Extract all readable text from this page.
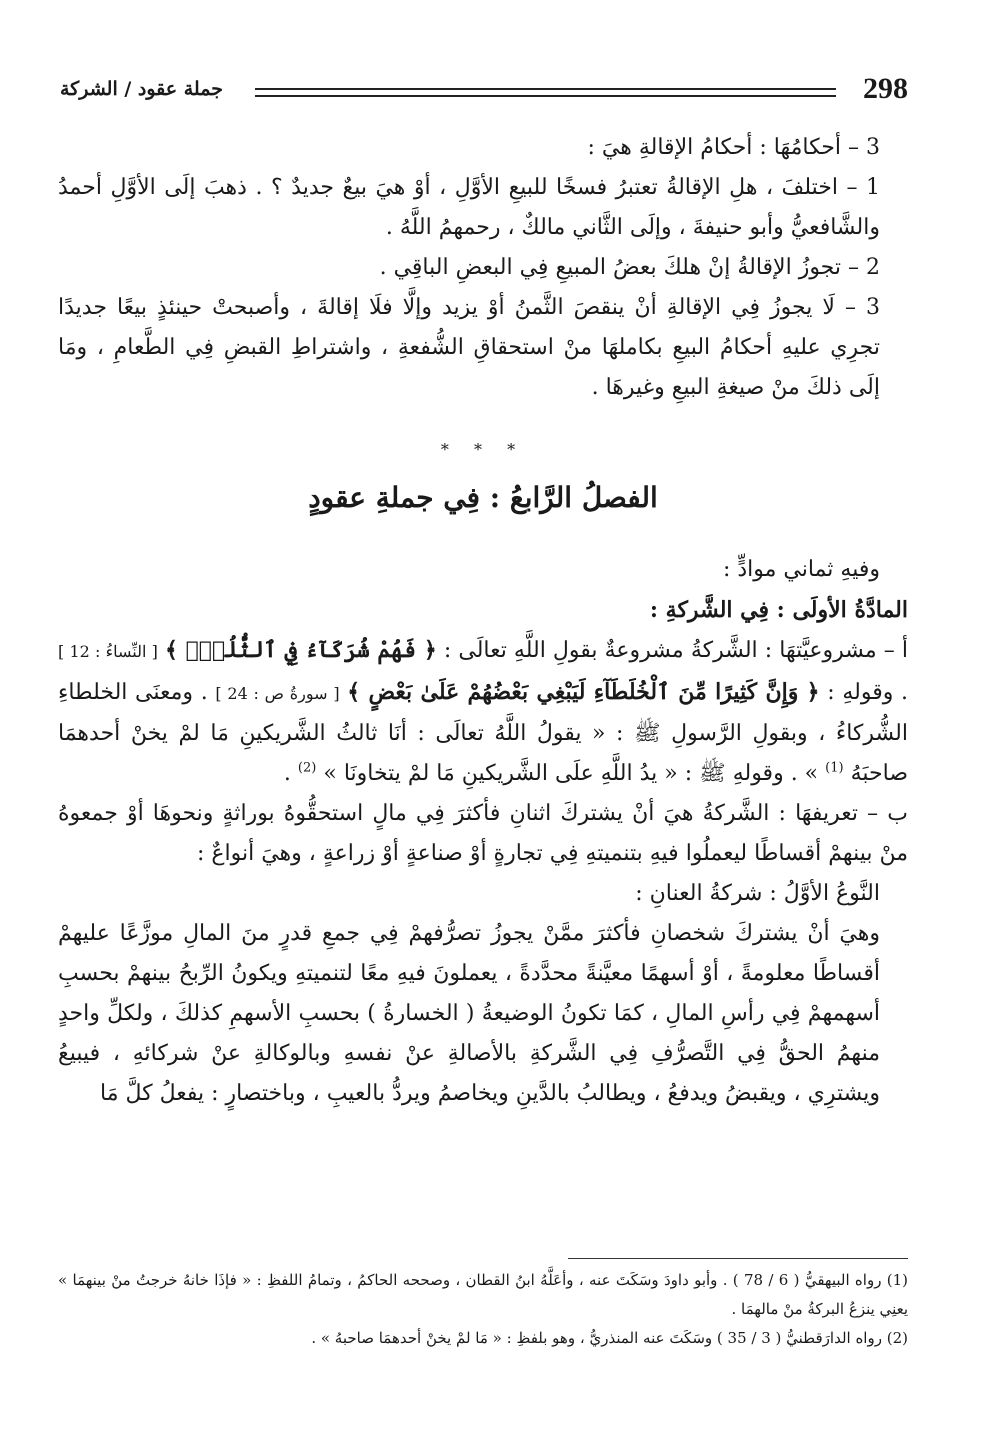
298
جملة عقود / الشركة

3 – أحكامُهَا : أحكامُ الإقالةِ هيَ :

1 – اختلفَ ، هلِ الإقالةُ تعتبرُ فسخًا للبيعِ الأوَّلِ ، أوْ هيَ بيعٌ جديدٌ ؟ . ذهبَ إلَى الأوَّلِ أحمدُ والشَّافعيُّ وأبو حنيفةَ ، وإلَى الثَّاني مالكٌ ، رحمهمُ اللَّهُ .

2 – تجوزُ الإقالةُ إنْ هلكَ بعضُ المبيعِ فِي البعضِ الباقِي .

3 – لَا يجوزُ فِي الإقالةِ أنْ ينقصَ الثَّمنُ أوْ يزيد وإلَّا فلَا إقالةَ ، وأصبحتْ حينئذٍ بيعًا جديدًا تجرِي عليهِ أحكامُ البيعِ بكاملهَا منْ استحقاقِ الشُّفعةِ ، واشتراطِ القبضِ فِي الطَّعامِ ، ومَا إلَى ذلكَ منْ صيغةِ البيعِ وغيرهَا .

* * *
الفصلُ الرَّابعُ : فِي جملةِ عقودٍ

وفيهِ ثماني موادٍّ :

المادَّةُ الأولَى : فِي الشَّركةِ :

أ – مشروعيَّتهَا : الشَّركةُ مشروعةٌ بقولِ اللَّهِ تعالَى : ﴿ فَهُمْ شُرَكَآءُ فِي ٱلثُّلُثِۚ ﴾ [ النِّساءُ : 12 ] . وقولهِ : ﴿ وَإِنَّ كَثِيرًا مِّنَ ٱلْخُلَطَآءِ لَيَبْغِي بَعْضُهُمْ عَلَىٰ بَعْضٍ ﴾ [ سورةُ ص : 24 ] . ومعنَى الخلطاءِ الشُّركاءُ ، وبقولِ الرَّسولِ ﷺ : « يقولُ اللَّهُ تعالَى : أنَا ثالثُ الشَّريكينِ مَا لمْ يخنْ أحدهمَا صاحبَهُ $^{(1)}$ » . وقولهِ ﷺ : « يدُ اللَّهِ علَى الشَّريكينِ مَا لمْ يتخاونَا » $^{(2)}$ .

ب – تعريفهَا : الشَّركةُ هيَ أنْ يشتركَ اثنانِ فأكثرَ فِي مالٍ استحقُّوهُ بوراثةٍ ونحوهَا أوْ جمعوهُ منْ بينهمْ أقساطًا ليعملُوا فيهِ بتنميتهِ فِي تجارةٍ أوْ صناعةٍ أوْ زراعةٍ ، وهيَ أنواعٌ :

النَّوعُ الأوَّلُ : شركةُ العنانِ :

وهيَ أنْ يشتركَ شخصانِ فأكثرَ ممَّنْ يجوزُ تصرُّفهمْ فِي جمعِ قدرٍ منَ المالِ موزَّعًا عليهمْ أقساطًا معلومةً ، أوْ أسهمًا معيَّنةً محدَّدةً ، يعملونَ فيهِ معًا لتنميتهِ ويكونُ الرِّبحُ بينهمْ بحسبِ أسهمهمْ فِي رأسِ المالِ ، كمَا تكونُ الوضيعةُ ( الخسارةُ ) بحسبِ الأسهمِ كذلكَ ، ولكلِّ واحدٍ منهمُ الحقُّ فِي التَّصرُّفِ فِي الشَّركةِ بالأصالةِ عنْ نفسهِ وبالوكالةِ عنْ شركائهِ ، فيبيعُ ويشترِي ، ويقبضُ ويدفعُ ، ويطالبُ بالدَّينِ ويخاصمُ ويردُّ بالعيبِ ، وباختصارٍ : يفعلُ كلَّ مَا

(1) رواه البيهقيُّ ( 6 / 78 ) . وأبو داودَ وسَكَتَ عنه ، وأعَلَّهُ ابنُ القطان ، وصححه الحاكمُ ، وتمامُ اللفظِ : « فإذَا خانهُ خرجتُ منْ بينهمَا » يعنِي ينزعُ البركةُ منْ مالهمَا .

(2) رواه الدارَقطنيُّ ( 3 / 35 ) وسَكَتَ عنه المنذريُّ ، وهو بلفظِ : « مَا لمْ يخنْ أحدهمَا صاحبهُ » .
